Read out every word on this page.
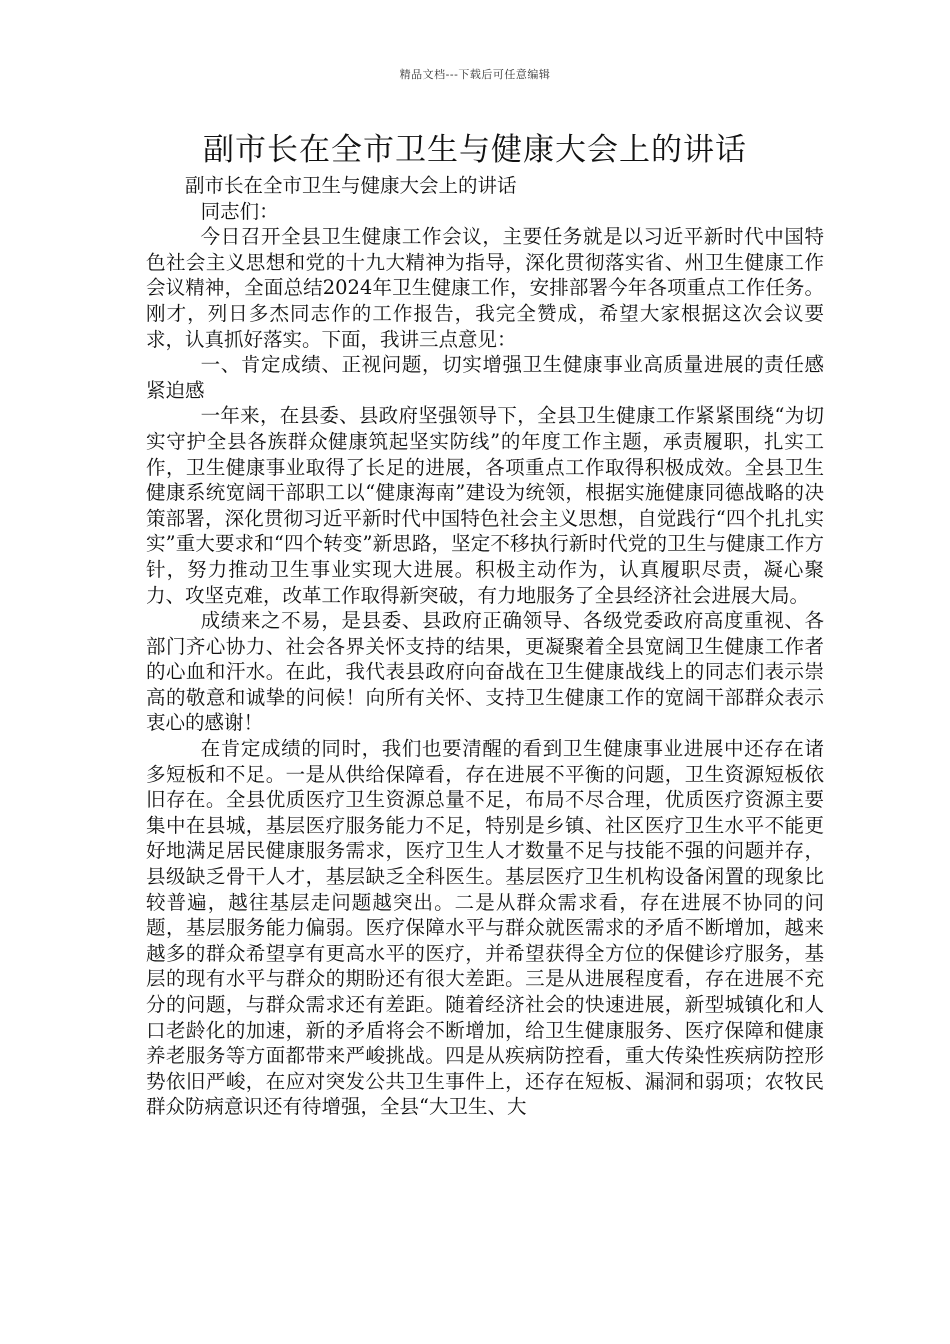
精品文档---下载后可任意编辑
副市长在全市卫生与健康大会上的讲话

副市长在全市卫生与健康大会上的讲话

同志们：

今日召开全县卫生健康工作会议，主要任务就是以习近平新时代中国特色社会主义思想和党的十九大精神为指导，深化贯彻落实省、州卫生健康工作会议精神，全面总结2024年卫生健康工作，安排部署今年各项重点工作任务。刚才，列日多杰同志作的工作报告，我完全赞成，希望大家根据这次会议要求，认真抓好落实。下面，我讲三点意见：

一、肯定成绩、正视问题，切实增强卫生健康事业高质量进展的责任感紧迫感

一年来，在县委、县政府坚强领导下，全县卫生健康工作紧紧围绕“为切实守护全县各族群众健康筑起坚实防线”的年度工作主题，承责履职，扎实工作，卫生健康事业取得了长足的进展，各项重点工作取得积极成效。全县卫生健康系统宽阔干部职工以“健康海南”建设为统领，根据实施健康同德战略的决策部署，深化贯彻习近平新时代中国特色社会主义思想，自觉践行“四个扎扎实实”重大要求和“四个转变”新思路，坚定不移执行新时代党的卫生与健康工作方针，努力推动卫生事业实现大进展。积极主动作为，认真履职尽责，凝心聚力、攻坚克难，改革工作取得新突破，有力地服务了全县经济社会进展大局。

成绩来之不易，是县委、县政府正确领导、各级党委政府高度重视、各部门齐心协力、社会各界关怀支持的结果，更凝聚着全县宽阔卫生健康工作者的心血和汗水。在此，我代表县政府向奋战在卫生健康战线上的同志们表示崇高的敬意和诚挚的问候！向所有关怀、支持卫生健康工作的宽阔干部群众表示衷心的感谢！

在肯定成绩的同时，我们也要清醒的看到卫生健康事业进展中还存在诸多短板和不足。一是从供给保障看，存在进展不平衡的问题，卫生资源短板依旧存在。全县优质医疗卫生资源总量不足，布局不尽合理，优质医疗资源主要集中在县城，基层医疗服务能力不足，特别是乡镇、社区医疗卫生水平不能更好地满足居民健康服务需求，医疗卫生人才数量不足与技能不强的问题并存，县级缺乏骨干人才，基层缺乏全科医生。基层医疗卫生机构设备闲置的现象比较普遍，越往基层走问题越突出。二是从群众需求看，存在进展不协同的问题，基层服务能力偏弱。医疗保障水平与群众就医需求的矛盾不断增加，越来越多的群众希望享有更高水平的医疗，并希望获得全方位的保健诊疗服务，基层的现有水平与群众的期盼还有很大差距。三是从进展程度看，存在进展不充分的问题，与群众需求还有差距。随着经济社会的快速进展，新型城镇化和人口老龄化的加速，新的矛盾将会不断增加，给卫生健康服务、医疗保障和健康养老服务等方面都带来严峻挑战。四是从疾病防控看，重大传染性疾病防控形势依旧严峻，在应对突发公共卫生事件上，还存在短板、漏洞和弱项；农牧民群众防病意识还有待增强，全县“大卫生、大
